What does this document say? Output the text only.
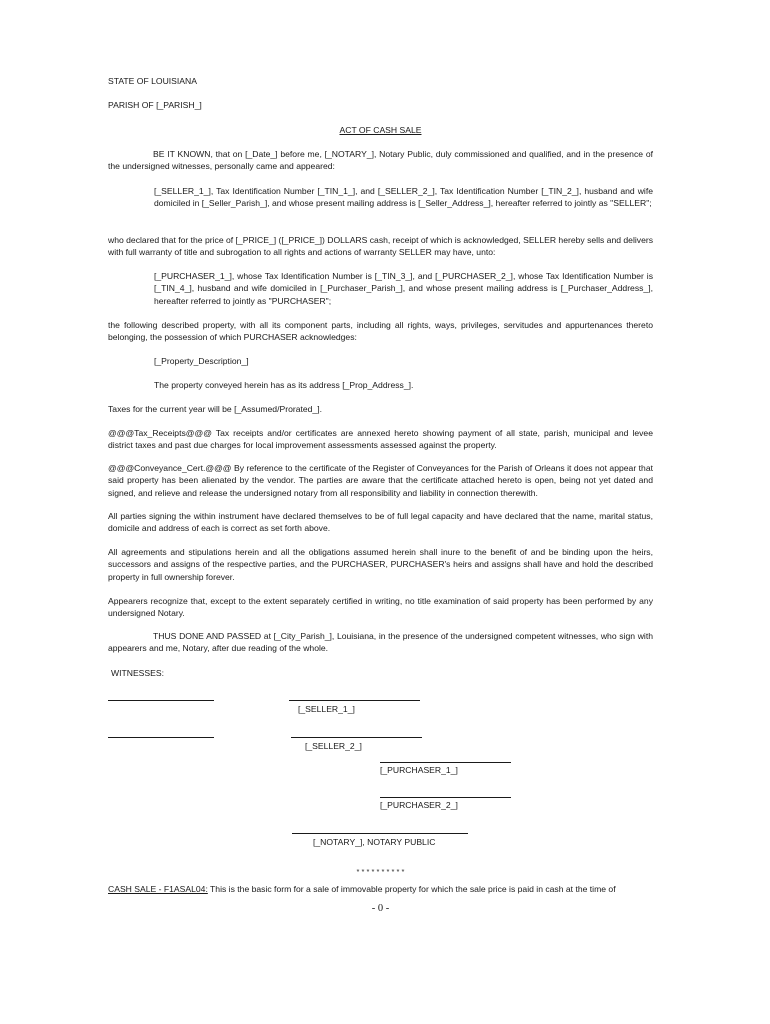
STATE OF LOUISIANA
PARISH OF [_PARISH_]
ACT OF CASH SALE

BE IT KNOWN, that on [_Date_] before me, [_NOTARY_], Notary Public, duly commissioned and qualified, and in the presence of the undersigned witnesses, personally came and appeared:

[_SELLER_1_], Tax Identification Number [_TIN_1_], and [_SELLER_2_], Tax Identification Number [_TIN_2_], husband and wife domiciled in [_Seller_Parish_], and whose present mailing address is [_Seller_Address_], hereafter referred to jointly as "SELLER";

who declared that for the price of [_PRICE_] ([_PRICE_]) DOLLARS cash, receipt of which is acknowledged, SELLER hereby sells and delivers with full warranty of title and subrogation to all rights and actions of warranty SELLER may have, unto:

[_PURCHASER_1_], whose Tax Identification Number is [_TIN_3_], and [_PURCHASER_2_], whose Tax Identification Number is [_TIN_4_], husband and wife domiciled in [_Purchaser_Parish_], and whose present mailing address is [_Purchaser_Address_], hereafter referred to jointly as "PURCHASER";

the following described property, with all its component parts, including all rights, ways, privileges, servitudes and appurtenances thereto belonging, the possession of which PURCHASER acknowledges:

[_Property_Description_]

The property conveyed herein has as its address [_Prop_Address_].

Taxes for the current year will be [_Assumed/Prorated_].

@@@Tax_Receipts@@@ Tax receipts and/or certificates are annexed hereto showing payment of all state, parish, municipal and levee district taxes and past due charges for local improvement assessments assessed against the property.

@@@Conveyance_Cert.@@@ By reference to the certificate of the Register of Conveyances for the Parish of Orleans it does not appear that said property has been alienated by the vendor. The parties are aware that the certificate attached hereto is open, being not yet dated and signed, and relieve and release the undersigned notary from all responsibility and liability in connection therewith.

All parties signing the within instrument have declared themselves to be of full legal capacity and have declared that the name, marital status, domicile and address of each is correct as set forth above.

All agreements and stipulations herein and all the obligations assumed herein shall inure to the benefit of and be binding upon the heirs, successors and assigns of the respective parties, and the PURCHASER, PURCHASER's heirs and assigns shall have and hold the described property in full ownership forever.

Appearers recognize that, except to the extent separately certified in writing, no title examination of said property has been performed by any undersigned Notary.

THUS DONE AND PASSED at [_City_Parish_], Louisiana, in the presence of the undersigned competent witnesses, who sign with appearers and me, Notary, after due reading of the whole.

WITNESSES:
[_SELLER_1_]
[_SELLER_2_]
[_PURCHASER_1_]
[_PURCHASER_2_]
[_NOTARY_], NOTARY PUBLIC
* * * * * * * * * *
CASH SALE - F1ASAL04: This is the basic form for a sale of immovable property for which the sale price is paid in cash at the time of
- 0 -
